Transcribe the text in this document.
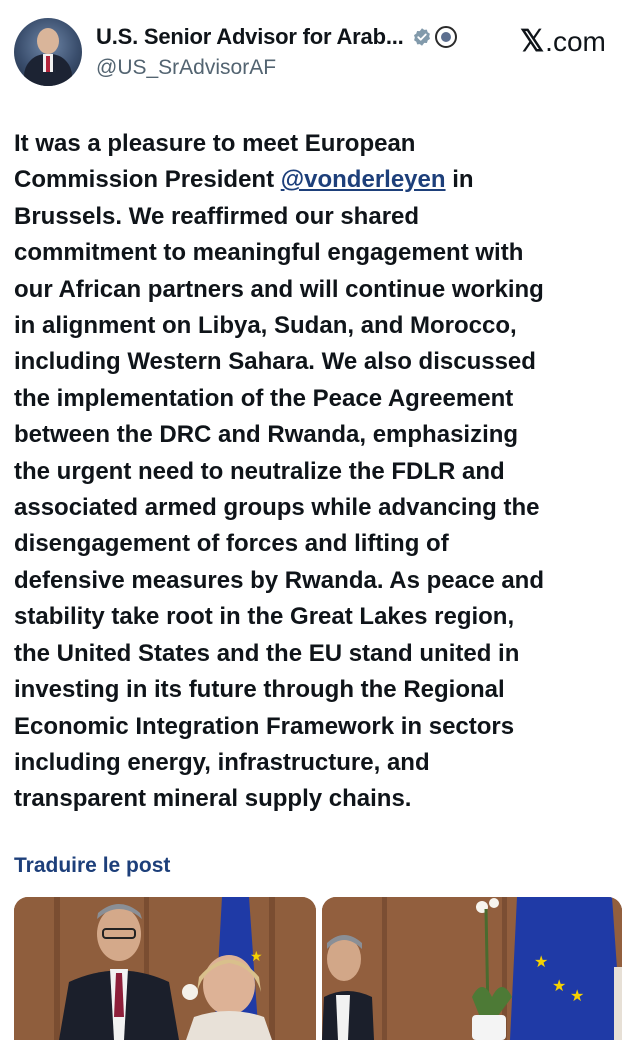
U.S. Senior Advisor for Arab...
@US_SrAdvisorAF
𝕏 .com

It was a pleasure to meet European
Commission President @vonderleyen in
Brussels. We reaffirmed our shared
commitment to meaningful engagement with
our African partners and will continue working
in alignment on Libya, Sudan, and Morocco,
including Western Sahara. We also discussed
the implementation of the Peace Agreement
between the DRC and Rwanda, emphasizing
the urgent need to neutralize the FDLR and
associated armed groups while advancing the
disengagement of forces and lifting of
defensive measures by Rwanda. As peace and
stability take root in the Great Lakes region,
the United States and the EU stand united in
investing in its future through the Regional
Economic Integration Framework in sectors
including energy, infrastructure, and
transparent mineral supply chains.

Traduire le post
★	★
★
★
